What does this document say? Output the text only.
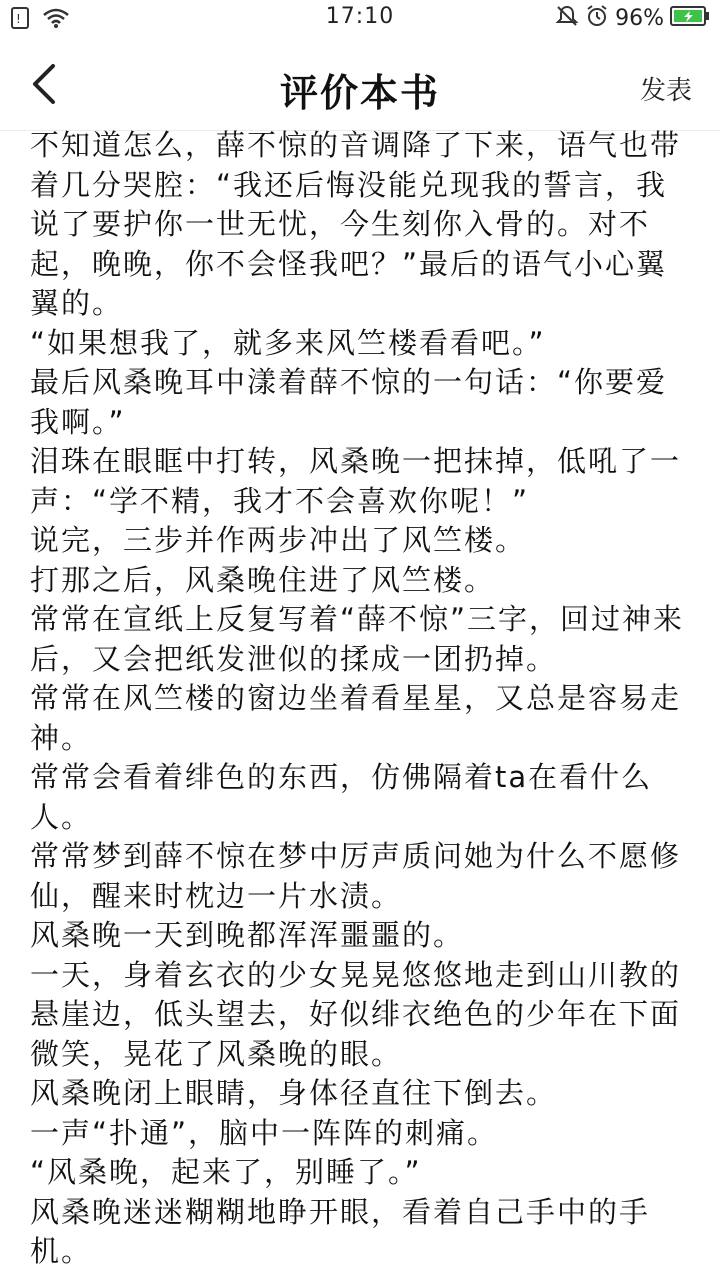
!	17:10	96%
评价本书	发表

不知道怎么，薛不惊的音调降了下来，语气也带着几分哭腔：“我还后悔没能兑现我的誓言，我说了要护你一世无忧，今生刻你入骨的。对不起，晚晚，你不会怪我吧？”最后的语气小心翼翼的。

“如果想我了，就多来风竺楼看看吧。”

最后风桑晚耳中漾着薛不惊的一句话：“你要爱我啊。”

泪珠在眼眶中打转，风桑晚一把抹掉，低吼了一声：“学不精，我才不会喜欢你呢！”

说完，三步并作两步冲出了风竺楼。

打那之后，风桑晚住进了风竺楼。

常常在宣纸上反复写着“薛不惊”三字，回过神来后，又会把纸发泄似的揉成一团扔掉。

常常在风竺楼的窗边坐着看星星，又总是容易走神。

常常会看着绯色的东西，仿佛隔着ta在看什么人。

常常梦到薛不惊在梦中厉声质问她为什么不愿修仙，醒来时枕边一片水渍。

风桑晚一天到晚都浑浑噩噩的。

一天，身着玄衣的少女晃晃悠悠地走到山川教的悬崖边，低头望去，好似绯衣绝色的少年在下面微笑，晃花了风桑晚的眼。

风桑晚闭上眼睛，身体径直往下倒去。

一声“扑通”，脑中一阵阵的刺痛。

“风桑晚，起来了，别睡了。”

风桑晚迷迷糊糊地睁开眼，看着自己手中的手机。
